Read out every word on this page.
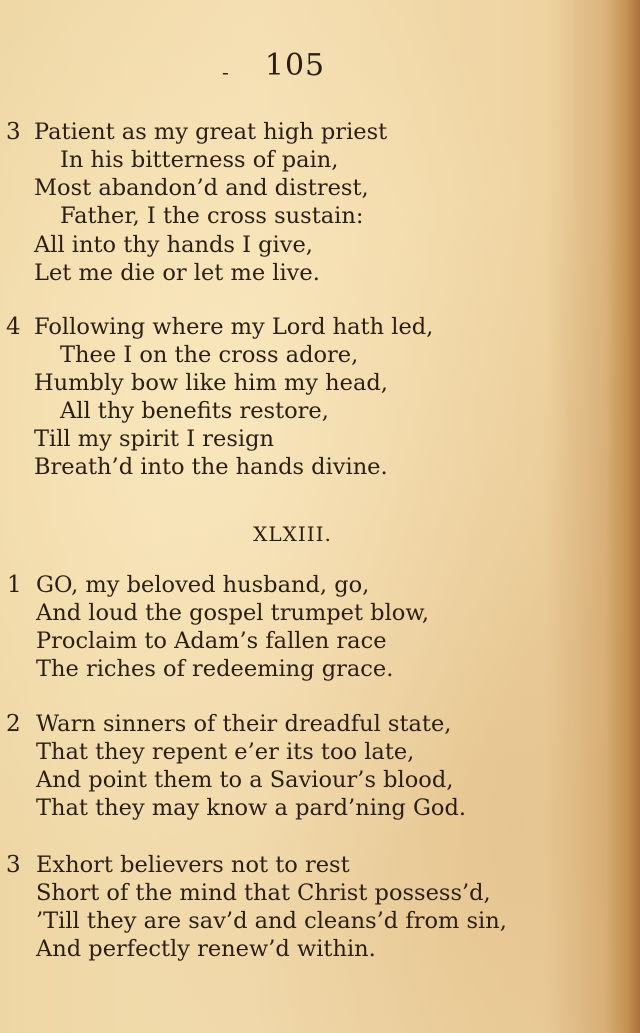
- 105
3 Patient as my great high priest
In his bitterness of pain,
Most abandon’d and distrest,
Father, I the cross sustain:
All into thy hands I give,
Let me die or let me live.
4 Following where my Lord hath led,
Thee I on the cross adore,
Humbly bow like him my head,
All thy benefits restore,
Till my spirit I resign
Breath’d into the hands divine.
XLXIII.
1 GO, my beloved husband, go,
And loud the gospel trumpet blow,
Proclaim to Adam’s fallen race
The riches of redeeming grace.
2 Warn sinners of their dreadful state,
That they repent e’er its too late,
And point them to a Saviour’s blood,
That they may know a pard’ning God.
3 Exhort believers not to rest
Short of the mind that Christ possess’d,
’Till they are sav’d and cleans’d from sin,
And perfectly renew’d within.
